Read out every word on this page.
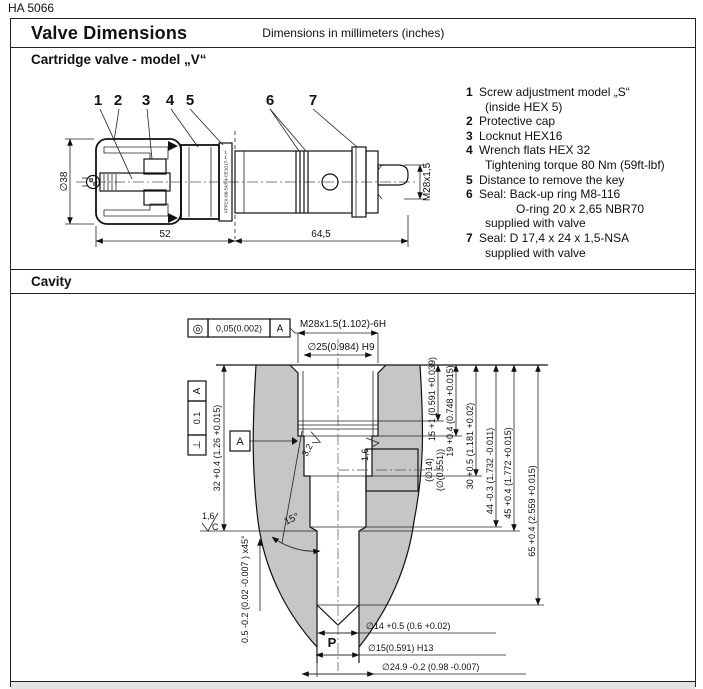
HA 5066
Valve Dimensions	Dimensions in millimeters (inches)
Cartridge valve - model „V“
1 2 3 4 5	6 7
VPP2X-06-SV/M-CE1017-**-**
∅38	M28x1,5
52	64,5
1 Screw adjustment model „S“
(inside HEX 5)
2 Protective cap
3 Locknut HEX16
4 Wrench flats HEX 32
Tightening torque 80 Nm (59ft-lbf)
5 Distance to remove the key
6 Seal: Back-up ring M8-116
O-ring 20 x 2,65 NBR70
supplied with valve
7 Seal: D 17,4 x 24 x 1,5-NSA
supplied with valve
Cavity
◎ 0,05(0.002) A M28x1.5(1.102)-6H
∅25(0.984) H9
A
0.1
⊥ 32 +0.4 (1.26 +0.015) A
15°
3,2	1,6
1,6
C
0.5 -0.2 (0.02 -0.007 ) x45°
15 +1 (0.591 +0.039) 19 +0.4 (0.748 +0.015) 30 +0.5 (1.181 +0.02) 44 -0.3 (1.732 -0.011) 45 +0.4 (1.772 +0.015) 65 +0.4 (2.559 +0.015)
(∅14) (∅(0.551))
P
∅14 +0.5 (0.6 +0.02)
∅15(0.591) H13
∅24.9 -0.2 (0.98 -0.007)
